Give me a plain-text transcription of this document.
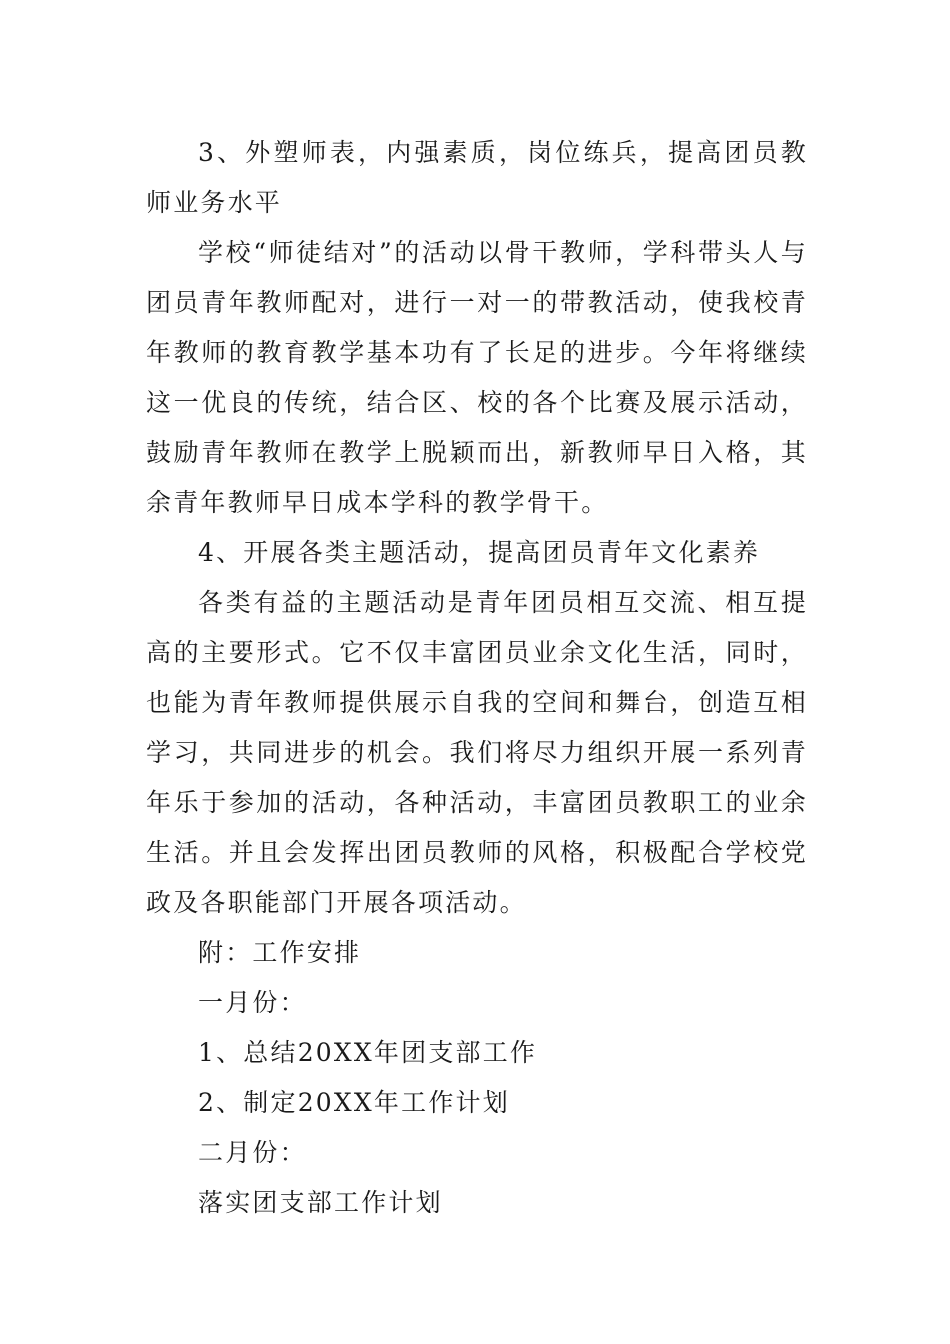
3、外塑师表，内强素质，岗位练兵，提高团员教师业务水平

学校“师徒结对”的活动以骨干教师，学科带头人与团员青年教师配对，进行一对一的带教活动，使我校青年教师的教育教学基本功有了长足的进步。今年将继续这一优良的传统，结合区、校的各个比赛及展示活动，鼓励青年教师在教学上脱颖而出，新教师早日入格，其余青年教师早日成本学科的教学骨干。

4、开展各类主题活动，提高团员青年文化素养

各类有益的主题活动是青年团员相互交流、相互提高的主要形式。它不仅丰富团员业余文化生活，同时，也能为青年教师提供展示自我的空间和舞台，创造互相学习，共同进步的机会。我们将尽力组织开展一系列青年乐于参加的活动，各种活动，丰富团员教职工的业余生活。并且会发挥出团员教师的风格，积极配合学校党政及各职能部门开展各项活动。

附：工作安排

一月份：

1、总结20XX年团支部工作

2、制定20XX年工作计划

二月份：

落实团支部工作计划
